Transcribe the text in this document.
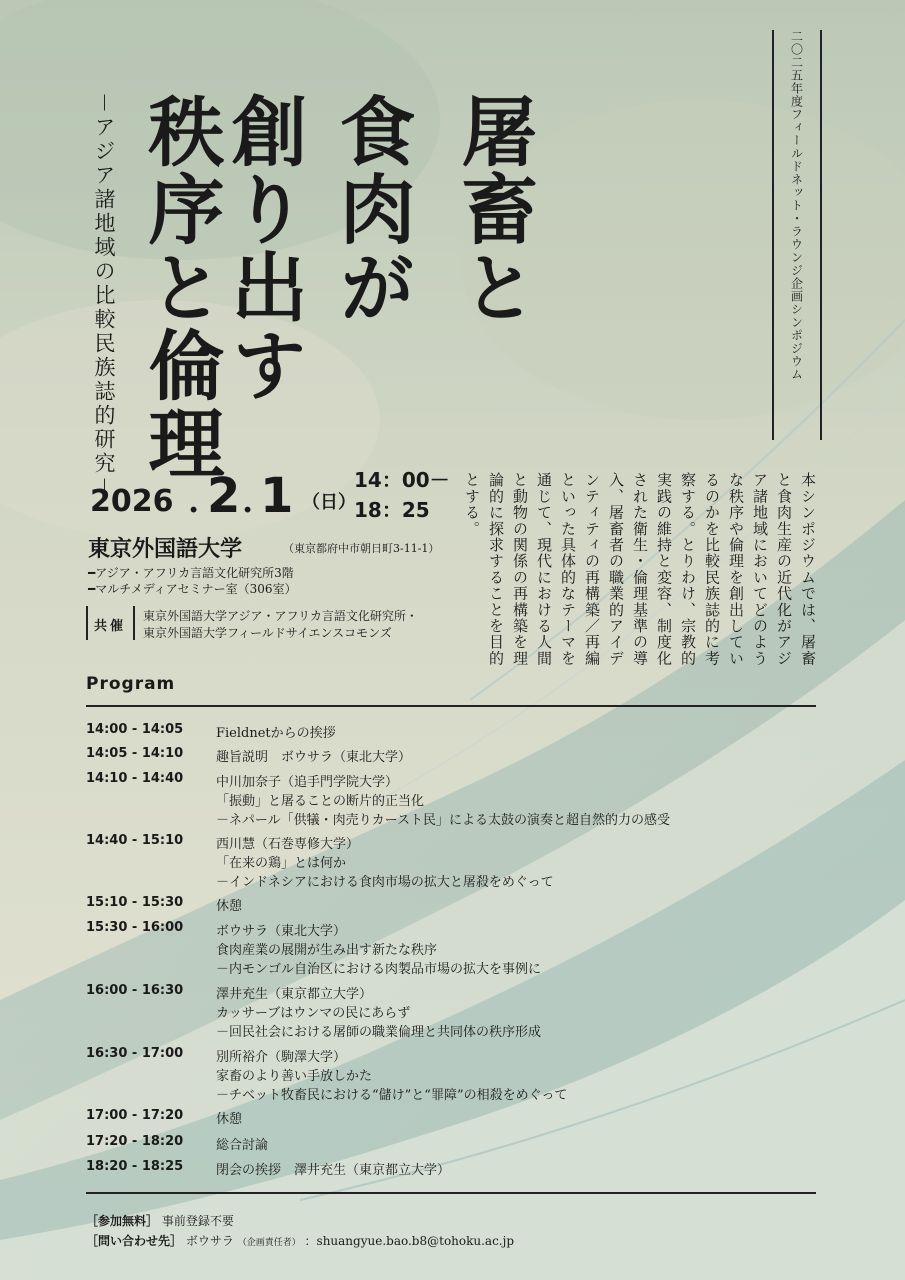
二〇二五年度フィールドネット・ラウンジ企画シンポジウム
屠畜と
食肉が
創り出す
秩序と倫理
－アジア諸地域の比較民族誌的研究－
本シンポジウムでは、屠畜と食肉生産の近代化がアジア諸地域においてどのような秩序や倫理を創出しているのかを比較民族誌的に考察する。とりわけ、宗教的実践の維持と変容、制度化された衛生・倫理基準の導入、屠畜者の職業的アイデンティティの再構築／再編といった具体的なテーマを通じて、現代における人間と動物の関係の再構築を理論的に探求することを目的とする。
2026 . 2 . 1 （日）
14：00－
18：25
東京外国語大学	（東京都府中市朝日町3-11-1）
━アジア・アフリカ言語文化研究所3階
━マルチメディアセミナー室（306室）
共催
東京外国語大学アジア・アフリカ言語文化研究所・
東京外国語大学フィールドサイエンスコモンズ
Program
14:00 - 14:05	Fieldnetからの挨拶
14:05 - 14:10	趣旨説明　ボウサラ（東北大学）
14:10 - 14:40	中川加奈子（追手門学院大学）
「振動」と屠ることの断片的正当化
－ネパール「供犠・肉売りカースト民」による太鼓の演奏と超自然的力の感受
14:40 - 15:10	西川慧（石巻専修大学）
「在来の鶏」とは何か
－インドネシアにおける食肉市場の拡大と屠殺をめぐって
15:10 - 15:30	休憩
15:30 - 16:00	ボウサラ（東北大学）
食肉産業の展開が生み出す新たな秩序
－内モンゴル自治区における肉製品市場の拡大を事例に
16:00 - 16:30	澤井充生（東京都立大学）
カッサーブはウンマの民にあらず
－回民社会における屠師の職業倫理と共同体の秩序形成
16:30 - 17:00	別所裕介（駒澤大学）
家畜のより善い手放しかた
－チベット牧畜民における“儲け”と“罪障”の相殺をめぐって
17:00 - 17:20	休憩
17:20 - 18:20	総合討論
18:20 - 18:25	閉会の挨拶　澤井充生（東京都立大学）
［参加無料］ 事前登録不要
［問い合わせ先］ ボウサラ （企画責任者） ：shuangyue.bao.b8@tohoku.ac.jp
